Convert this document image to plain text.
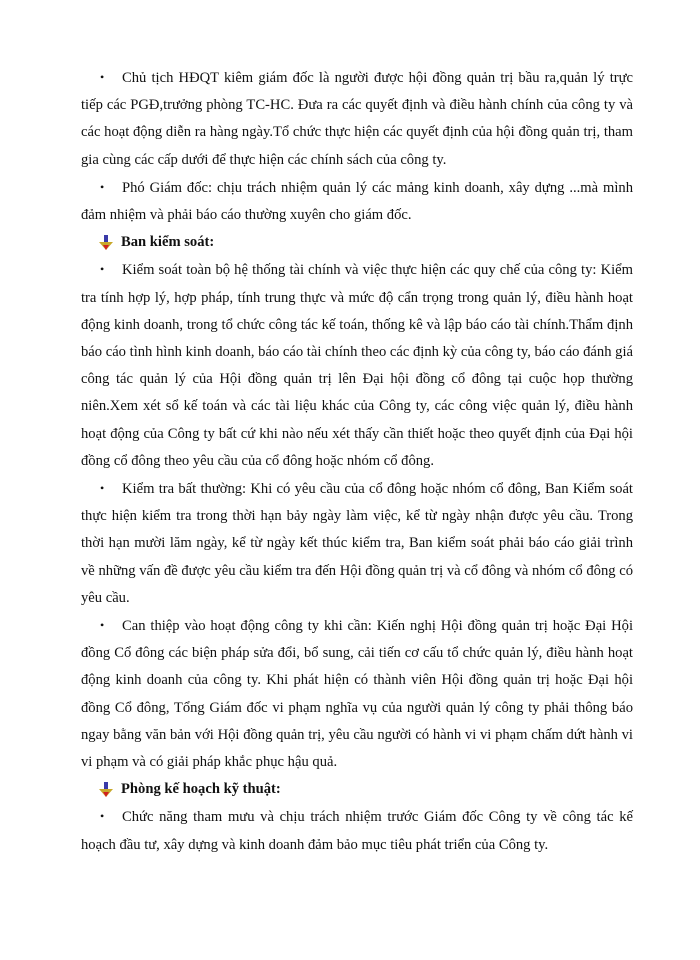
• Chủ tịch HĐQT kiêm giám đốc là người được hội đồng quản trị bầu ra,quản lý trực tiếp các PGĐ,trưởng phòng TC-HC. Đưa ra các quyết định và điều hành chính của công ty và các hoạt động diễn ra hàng ngày.Tổ chức thực hiện các quyết định của hội đồng quản trị, tham gia cùng các cấp dưới để thực hiện các chính sách của công ty.

• Phó Giám đốc: chịu trách nhiệm quản lý các mảng kinh doanh, xây dựng ...mà mình đảm nhiệm và phải báo cáo thường xuyên cho giám đốc.

Ban kiểm soát:

• Kiểm soát toàn bộ hệ thống tài chính và việc thực hiện các quy chế của công ty: Kiểm tra tính hợp lý, hợp pháp, tính trung thực và mức độ cẩn trọng trong quản lý, điều hành hoạt động kinh doanh, trong tổ chức công tác kế toán, thống kê và lập báo cáo tài chính.Thẩm định báo cáo tình hình kinh doanh, báo cáo tài chính theo các định kỳ của công ty, báo cáo đánh giá công tác quản lý của Hội đồng quản trị lên Đại hội đồng cổ đông tại cuộc họp thường niên.Xem xét sổ kế toán và các tài liệu khác của Công ty, các công việc quản lý, điều hành hoạt động của Công ty bất cứ khi nào nếu xét thấy cần thiết hoặc theo quyết định của Đại hội đồng cổ đông theo yêu cầu của cổ đông hoặc nhóm cổ đông.

• Kiểm tra bất thường: Khi có yêu cầu của cổ đông hoặc nhóm cổ đông, Ban Kiểm soát thực hiện kiểm tra trong thời hạn bảy ngày làm việc, kể từ ngày nhận được yêu cầu. Trong thời hạn mười lăm ngày, kể từ ngày kết thúc kiểm tra, Ban kiểm soát phải báo cáo giải trình về những vấn đề được yêu cầu kiểm tra đến Hội đồng quản trị và cổ đông và nhóm cổ đông có yêu cầu.

• Can thiệp vào hoạt động công ty khi cần: Kiến nghị Hội đồng quản trị hoặc Đại Hội đồng Cổ đông các biện pháp sửa đổi, bổ sung, cải tiến cơ cấu tổ chức quản lý, điều hành hoạt động kinh doanh của công ty. Khi phát hiện có thành viên Hội đồng quản trị hoặc Đại hội đồng Cổ đông, Tổng Giám đốc vi phạm nghĩa vụ của người quản lý công ty phải thông báo ngay bằng văn bản với Hội đồng quản trị, yêu cầu người có hành vi vi phạm chấm dứt hành vi vi phạm và có giải pháp khắc phục hậu quả.

Phòng kế hoạch kỹ thuật:

• Chức năng tham mưu và chịu trách nhiệm trước Giám đốc Công ty về công tác kế hoạch đầu tư, xây dựng và kinh doanh đảm bảo mục tiêu phát triển của Công ty.
